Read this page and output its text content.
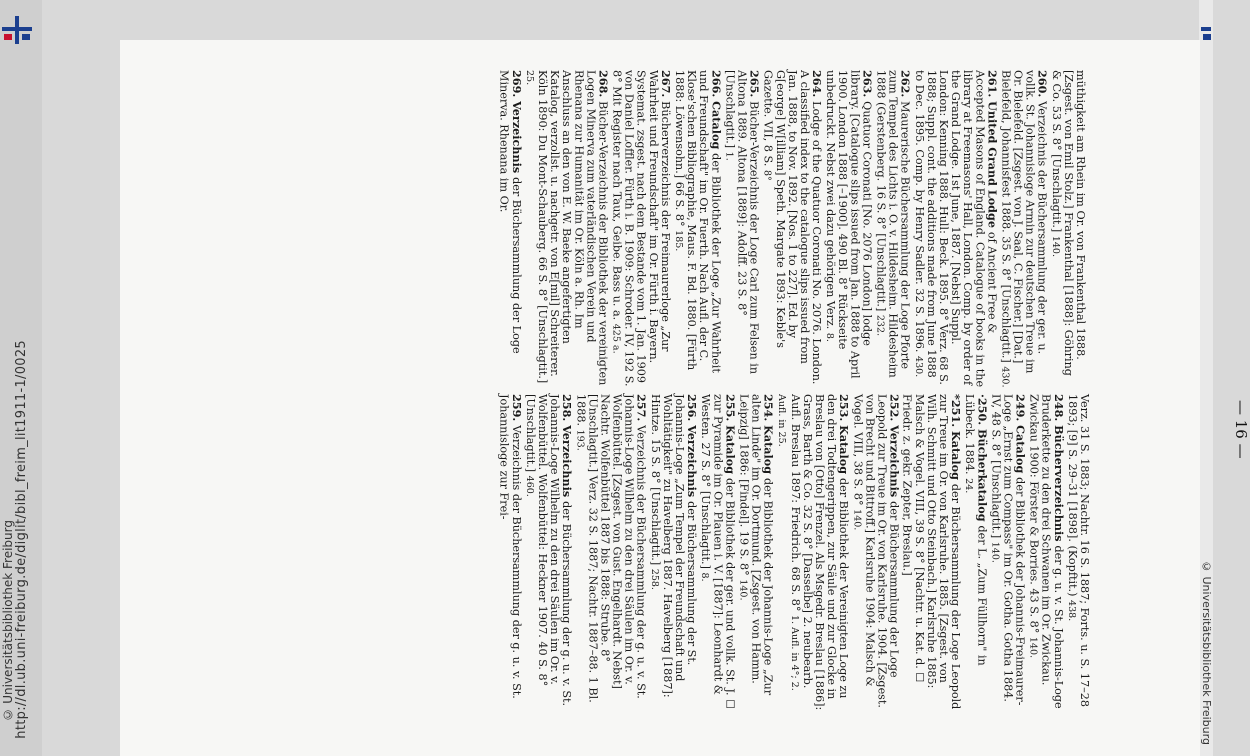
http://dl.ub.uni-freiburg.de/diglit/bibl_freim_lit1911-1/0025
© Universitätsbibliothek Freiburg	© Universitätsbibliothek Freiburg
— 16 —
müthigkeit am Rhein im Or. von Frankenthal 1888. [Zsgest. von Emil Stolz.] Frankenthal [1888]: Göhring & Co. 53 S. 8° [Unschlagtit.] 140.
260. Verzeichnis der Büchersammlung der ger. u. vollk. St. Johannisloge Armin zur deutschen Treue im Or. Bielefeld. [Zsgest. von J. Saal, C. Fischer.] [Dat.] Bielefeld, Johannisfest 1888. 35 S. 8° [Unschlagtit.] 430.
261. United Grand Lodge of Ancient Free & Accepted Masons of England. Catalogue of books in the library at Freemasons' Hall, London. Comp. by order of the Grand Lodge. 1st June, 1887. [Nebst] Suppl. London: Kenning 1888. Hull: Beck. 1895. 8° Verz. 68 S. 1888; Suppl. cont. the additions made from June 1888 to Dec. 1895. Comp. by Henry Sadler. 32 S. 1896. 430.
262. Maurerische Büchersammlung der Loge Pforte zum Tempel des Lichts i. O. v. Hildesheim. Hildesheim 1888 (Gerstenberg. 16 S. 8° [Unschlagtit.] 232.
263. Quatuor Coronati [No. 2076 London] lodge library. [Catalogue slips issued from Jan. 1888 to April 1900. London 1888 [–1900]. 490 Bl. 8° Rückseite unbedruckt. Nebst zwei dazu gehörigen Verz. 8.
264. Lodge of the Quatuor Coronati No. 2076. London. A classified index to the catalogue slips issued from Jan. 1888, to Nov. 1892. [Nos. 1 to 227]. Ed. by G[eorge] W[illiam] Speth. Margate 1893: Keble's Gazette. VII, 8 S. 8°
265. Bücher-Verzeichnis der Loge Carl zum Felsen in Altona 1889. Altona [1889]: Adolff. 23 S. 8° [Unschlagtit.] 1.
266. Catalog der Bibliothek der Loge „Zur Wahrheit und Freundschaft" im Or. Fuerth. Nach Aufl. der C. Klose'schen Bibliographie, Maus. F. Bd. 1880. [Fürth 1888: Löwensohn.] 66 S. 8° 185.
267. Bücherverzeichnis der Freimaurerloge „Zur Wahrheit und Freundschaft" im Or. Fürth i. Bayern. Systemat. zsgest. nach dem Bestande vom 1. Jan. 1909 von Daniel Loffler. Fürth i. B. 1909: Schroder. IV, 192 S. 8° Mit Register nach Taux, Geibe. Bass u. a. 425 a.
268. Bücher-Verzeichnis der Bibliothek der vereinigten Logen Minerva zum vaterländischen Verein und Rhenana zur Humanität im Or. Köln a. Rh. Im Anschluss an den von E. W. Baeke angefertigten Katalog, verzollst. u. nachgetr. von E[mil] Schreiterer. Köln 1890: Du Mont-Schauberg. 66 S. 8° [Unschlagtit.] 25.
269. Verzeichnis der Büchersammlung der Loge Minerva. Rhenana im Or.

Verz. 31 S. 1883; Nachtr. 16 S. 1887; Forts. u. S. 17–28 1893; [9] S. 29–31 [1898]. (Kopftit.) 438.
248. Bücherverzeichnis der g. u. v. St. Johannis-Loge Bruderkette zu den drei Schwanen im Or. Zwickau. Zwickau 1900: Förster & Borries. 43 S. 8° 140.
249. Catalog der Bibliothek der Johannis-Freimaurer-Loge „Ernst zum Compass" im Or. Gotha. Gotha 1884. IV, 48 S. 8° [Unschlagtit.] 140.
·250. Bücherkatalog der L. „Zum Füllhorn" in Lübeck. 1884. 24.
*251. Katalog der Büchersammlung der Loge Leopold zur Treue im Or. von Karlsruhe. 1885. [Zsgest. von Wilh. Schmitt und Otto Steinbach.] Karlsruhe 1885: Malsch & Vogel. VIII, 39 S. 8° [Nachtr. u. Kat. d. ☐ Friedr. z. gekr. Zepter, Breslau.]
252. Verzeichnis der Büchersammlung der Loge Leopold zur Treue im Or. von Karlsruhe. 1904. [Zsgest. von Brecht und Bittroff.] Karlsruhe 1904: Malsch & Vogel. VIII, 38 S. 8° 140.
253. Katalog der Bibliothek der Vereinigten Loge zu den drei Todtengerippen, zur Säule und zur Glocke in Breslau von [Otto] Frenzel. Als Msgedr. Breslau [1886]: Grass, Barth & Co. 32 S. 8° [Dasselbe] 2. neubearb. Aufl. Breslau 1897: Friedrich. 68 S. 8° 1. Aufl. in 4°; 2. Aufl. in 25.
254. Katalog der Bibliothek der Johannis-Loge „Zur alten Linde" im Or. Dortmund. [Zsgest. von Hamm. Leipzig] 1886: [Findel]. 19 S. 8° 140.
255. Katalog der Bibliothek der ger. und vollk. St. J. ☐ zur Pyramide im Or. Plauen i. V. [1887]: Leonhardt & Westen. 27 S. 8° [Unschlagtit.] 8.
256. Verzeichnis der Büchersammlung der St. Johannis-Loge „Zum Tempel der Freundschaft und Wohltätigkeit" zu Havelberg 1887. Havelberg [1887]: Hintze. 15 S. 8° [Unschlagtit.] 258.
257. Verzeichnis der Büchersammlung der g. u. v. St. Johannis-Loge Wilhelm zu den drei Säulen im Or. v. Wolfenbüttel. [Zsgest. von Gust. Engelhardt. Nebst] Nachtr. Wolfenbüttel 1887 bis 1888: Strube. 8° [Unschlagtit.] Verz. 32 S. 1887; Nachtr. 1887–88. 1 Bl. 1888. 193.
258. Verzeichnis der Büchersammlung der g. u. v. St. Johannis-Loge Wilhelm zu den drei Säulen im Or. v. Wolfenbüttel. Wolfenbüttel: Heckner 1907. 40 S. 8° [Unschlagtit.] 460.
259. Verzeichnis der Büchersammlung der g. u. v. St. Johannisloge zur Frei-
